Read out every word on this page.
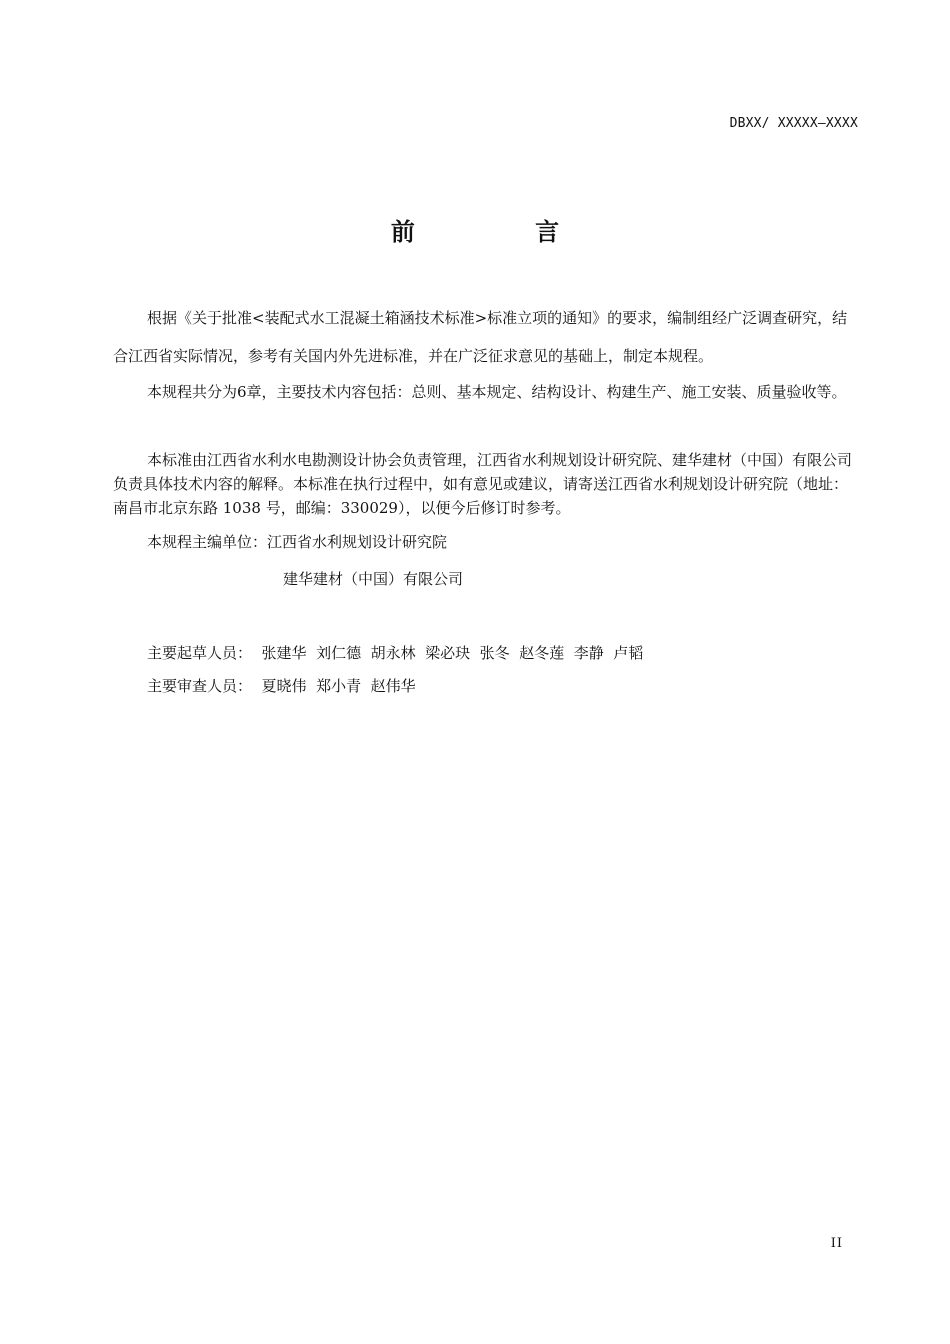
DBXX/ XXXXX—XXXX
前 言
根据《关于批准<装配式水工混凝土箱涵技术标准>标准立项的通知》的要求，编制组经广泛调查研究，结合江西省实际情况，参考有关国内外先进标准，并在广泛征求意见的基础上，制定本规程。
本规程共分为6章，主要技术内容包括：总则、基本规定、结构设计、构建生产、施工安装、质量验收等。
本标准由江西省水利水电勘测设计协会负责管理，江西省水利规划设计研究院、建华建材（中国）有限公司负责具体技术内容的解释。本标准在执行过程中，如有意见或建议，请寄送江西省水利规划设计研究院（地址：南昌市北京东路 1038 号，邮编：330029），以便今后修订时参考。
本规程主编单位：江西省水利规划设计研究院
建华建材（中国）有限公司
主要起草人员：  张建华  刘仁德  胡永林  梁必玦  张冬  赵冬莲  李静  卢韬
主要审查人员：  夏晓伟  郑小青  赵伟华
II
